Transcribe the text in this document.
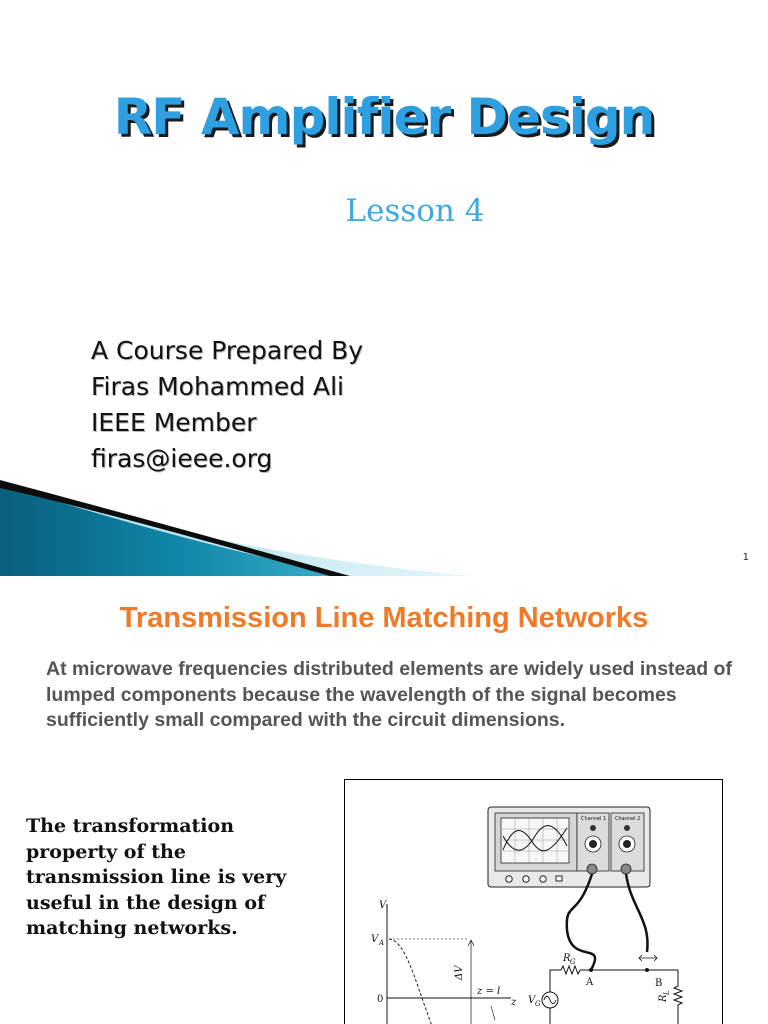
RF Amplifier Design
Lesson 4
A Course Prepared By
Firas Mohammed Ali
IEEE Member
firas@ieee.org
1
Transmission Line Matching Networks
At microwave frequencies distributed elements are widely used instead of lumped components because the wavelength of the signal becomes sufficiently small compared with the circuit dimensions.
The transformation property of the transmission line is very useful in the design of matching networks.
Channel 1 Channel 2
V
V A
0
ΔV
z = l
z
R G
V G
A	B
R
L
